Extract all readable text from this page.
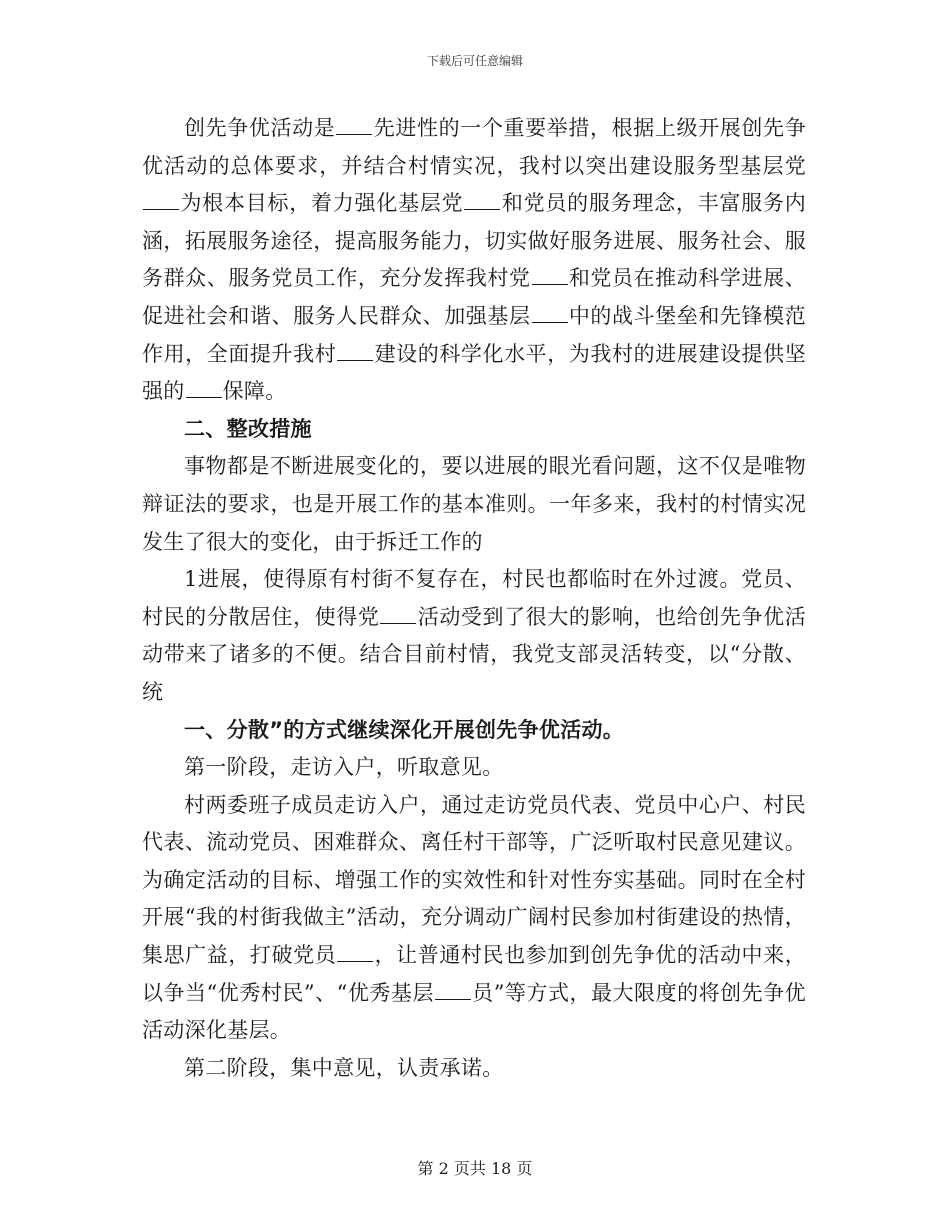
下载后可任意编辑

创先争优活动是 先进性的一个重要举措，根据上级开展创先争优活动的总体要求，并结合村情实况，我村以突出建设服务型基层党为根本目标，着力强化基层党 和党员的服务理念，丰富服务内涵，拓展服务途径，提高服务能力，切实做好服务进展、服务社会、服务群众、服务党员工作，充分发挥我村党 和党员在推动科学进展、促进社会和谐、服务人民群众、加强基层 中的战斗堡垒和先锋模范作用，全面提升我村 建设的科学化水平，为我村的进展建设提供坚强的 保障。

二、整改措施

事物都是不断进展变化的，要以进展的眼光看问题，这不仅是唯物辩证法的要求，也是开展工作的基本准则。一年多来，我村的村情实况发生了很大的变化，由于拆迁工作的

1进展，使得原有村街不复存在，村民也都临时在外过渡。党员、村民的分散居住，使得党 活动受到了很大的影响，也给创先争优活动带来了诸多的不便。结合目前村情，我党支部灵活转变，以“分散、统

一、分散”的方式继续深化开展创先争优活动。

第一阶段，走访入户，听取意见。

村两委班子成员走访入户，通过走访党员代表、党员中心户、村民代表、流动党员、困难群众、离任村干部等，广泛听取村民意见建议。为确定活动的目标、增强工作的实效性和针对性夯实基础。同时在全村开展“我的村街我做主”活动，充分调动广阔村民参加村街建设的热情，集思广益，打破党员 ，让普通村民也参加到创先争优的活动中来，以争当“优秀村民”、“优秀基层 员”等方式，最大限度的将创先争优活动深化基层。

第二阶段，集中意见，认责承诺。

第 2 页共 18 页
